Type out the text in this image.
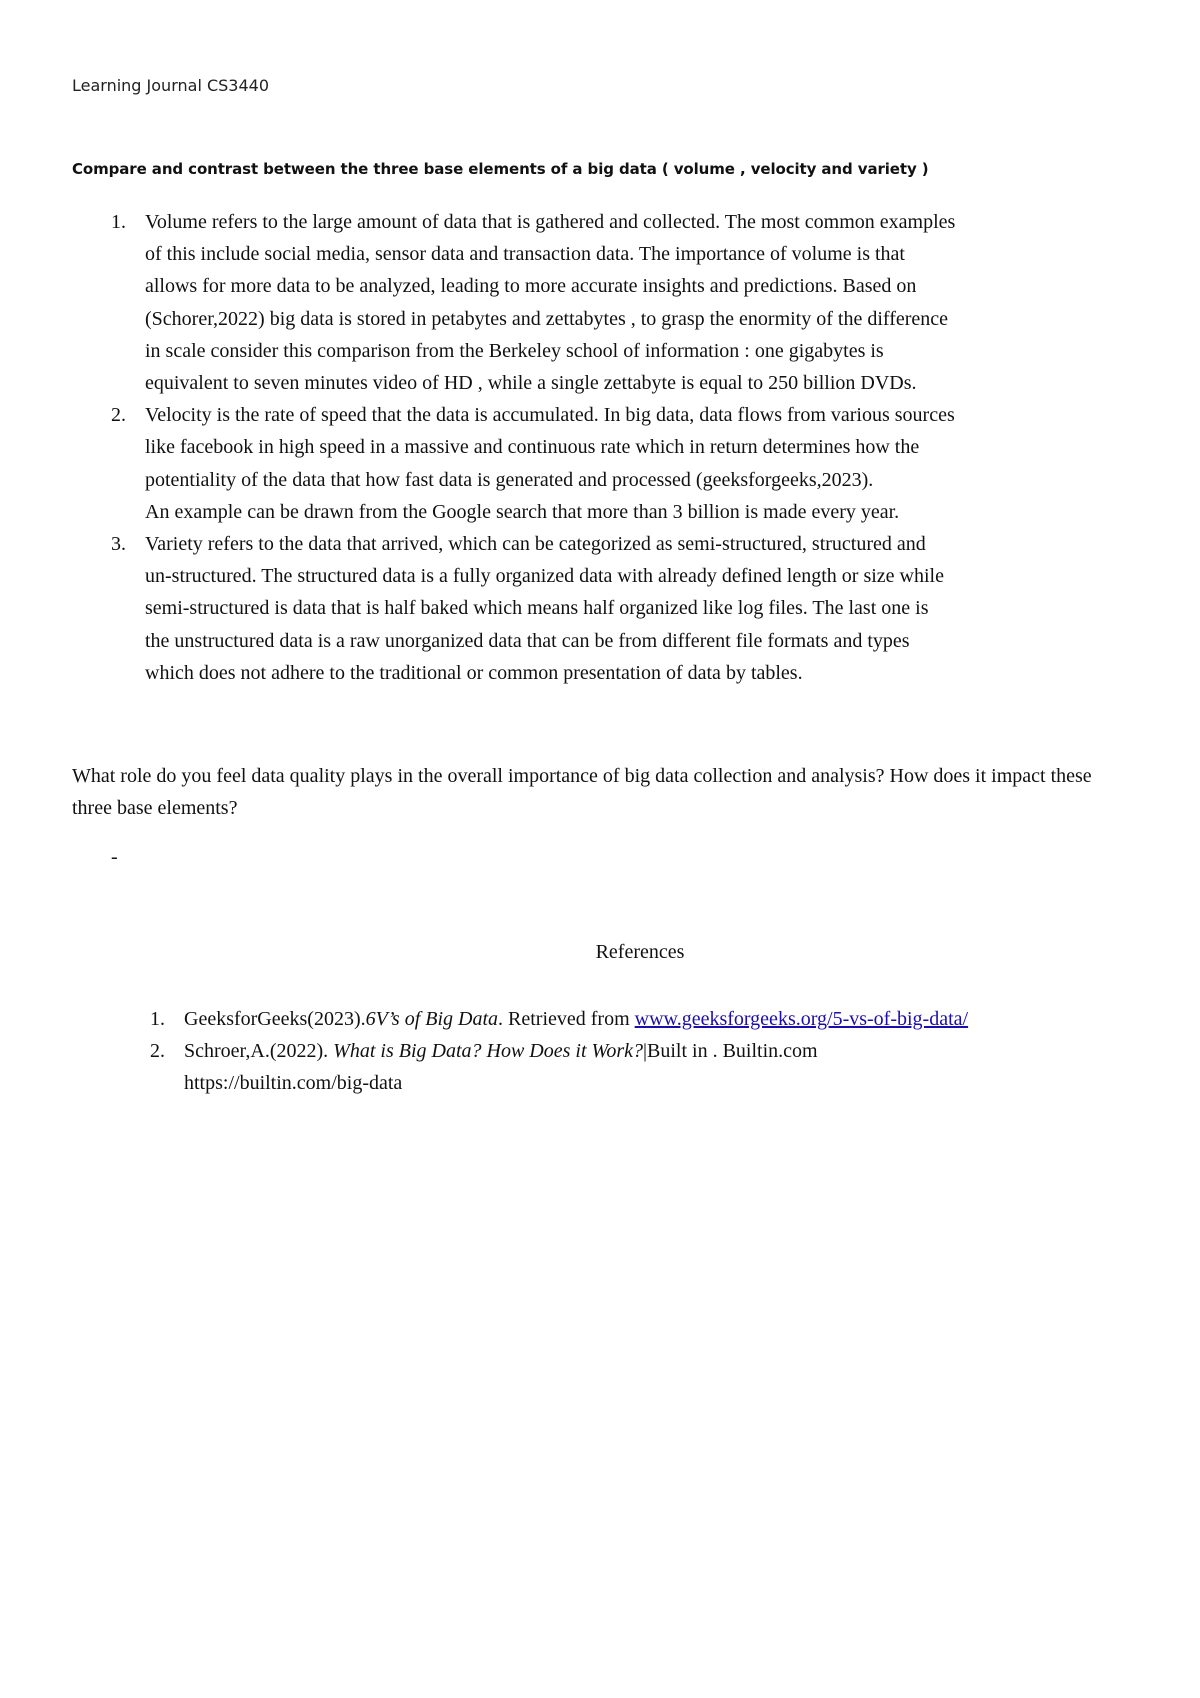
Learning Journal CS3440
Compare and contrast between the three base elements of a big data ( volume , velocity and variety )
1. Volume refers to the large amount of data that is gathered and collected. The most common examples

of this include social media, sensor data and transaction data. The importance of volume is that

allows for more data to be analyzed, leading to more accurate insights and predictions. Based on

(Schorer,2022) big data is stored in petabytes and zettabytes , to grasp the enormity of the difference

in scale consider this comparison from the Berkeley school of information : one gigabytes is

equivalent to seven minutes video of HD , while a single zettabyte is equal to 250 billion DVDs.

2. Velocity is the rate of speed that the data is accumulated. In big data, data flows from various sources

like facebook in high speed in a massive and continuous rate which in return determines how the

potentiality of the data that how fast data is generated and processed (geeksforgeeks,2023).

An example can be drawn from the Google search that more than 3 billion is made every year.

3. Variety refers to the data that arrived, which can be categorized as semi-structured, structured and

un-structured. The structured data is a fully organized data with already defined length or size while

semi-structured is data that is half baked which means half organized like log files. The last one is

the unstructured data is a raw unorganized data that can be from different file formats and types

which does not adhere to the traditional or common presentation of data by tables.

What role do you feel data quality plays in the overall importance of big data collection and analysis? How does it impact these three base elements?

-
References
1. GeeksforGeeks(2023).6V’s of Big Data. Retrieved from www.geeksforgeeks.org/5-vs-of-big-data/
2. Schroer,A.(2022). What is Big Data? How Does it Work?|Built in . Builtin.com
https://builtin.com/big-data
